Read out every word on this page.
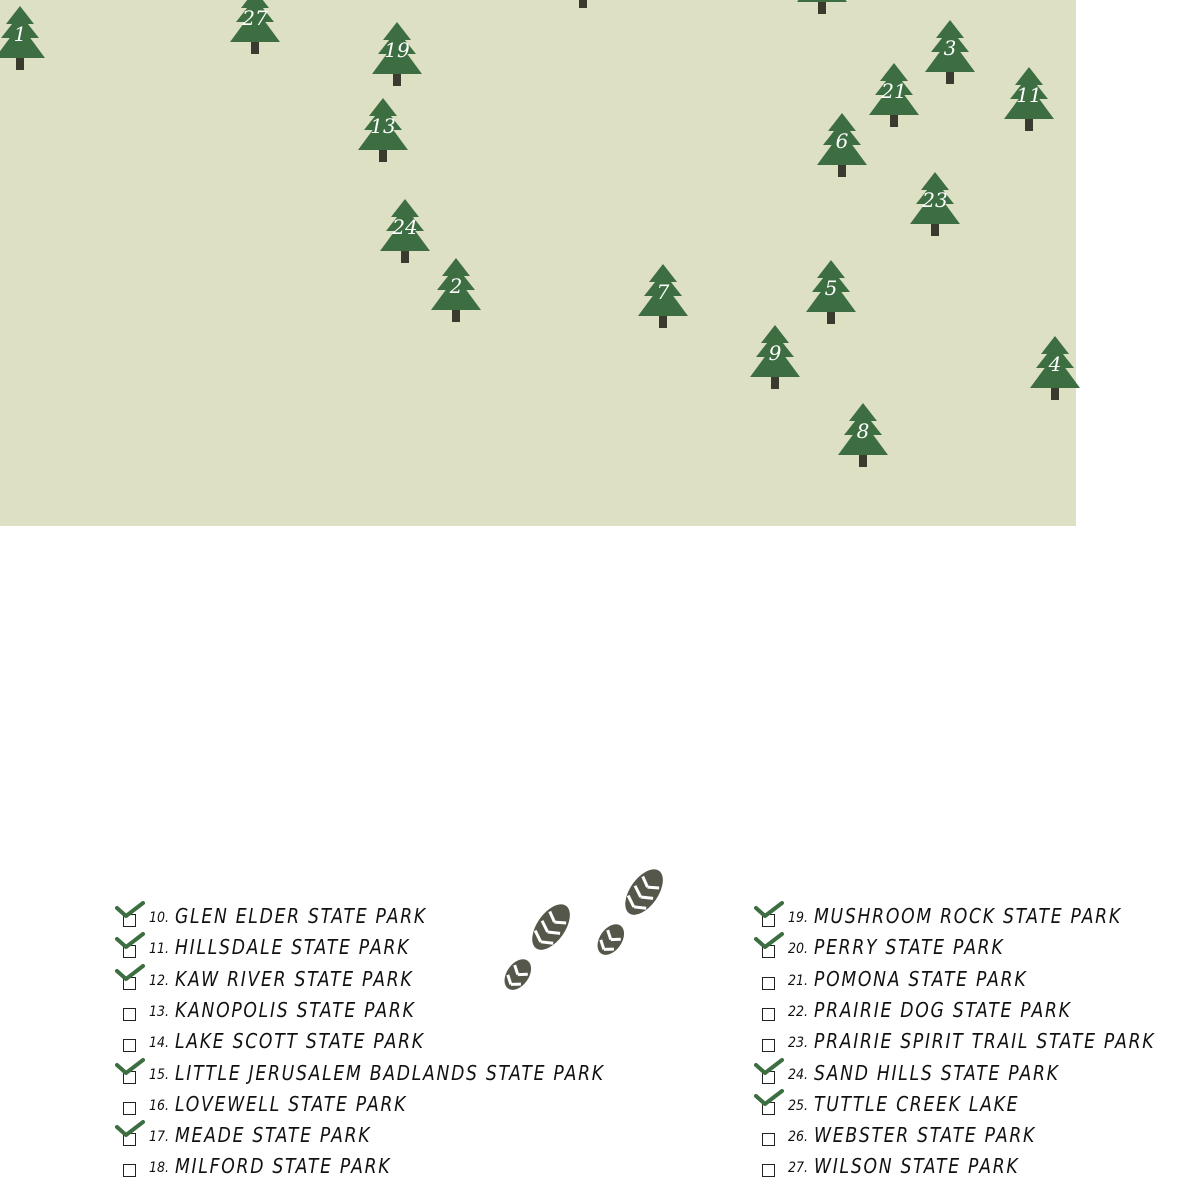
1
27
19
13
24
2	7
9
5
8
6
21
3
11
23
4
10. GLEN ELDER STATE PARK
11. HILLSDALE STATE PARK
12. KAW RIVER STATE PARK
13. KANOPOLIS STATE PARK
14. LAKE SCOTT STATE PARK
15. LITTLE JERUSALEM BADLANDS STATE PARK
16. LOVEWELL STATE PARK
17. MEADE STATE PARK
18. MILFORD STATE PARK
19. MUSHROOM ROCK STATE PARK
20. PERRY STATE PARK
21. POMONA STATE PARK
22. PRAIRIE DOG STATE PARK
23. PRAIRIE SPIRIT TRAIL STATE PARK
24. SAND HILLS STATE PARK
25. TUTTLE CREEK LAKE
26. WEBSTER STATE PARK
27. WILSON STATE PARK
